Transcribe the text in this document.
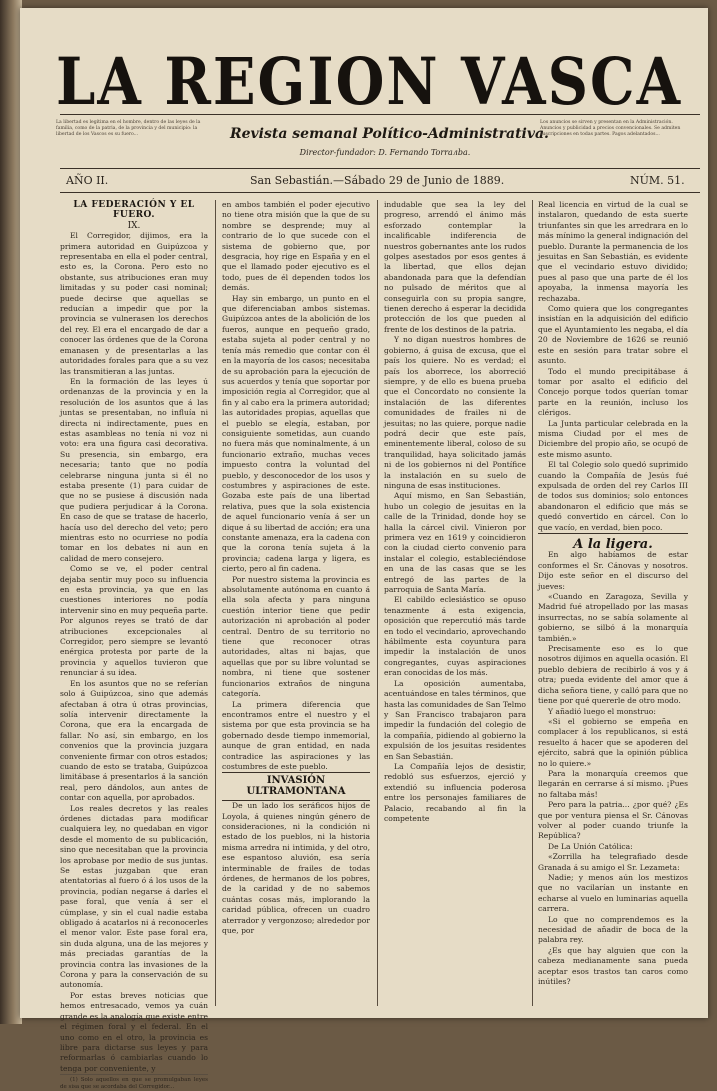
LA REGION VASCA
La libertad es legítima en el hombre, dentro de las leyes de la familia, como de la patria, de la provincia y del municipio: la libertad de los Vascos es su fuero...	Revista semanal Político-Administrativa.
Director-fundador: D. Fernando Torrалba.
Los anuncios se sirven y presentan en la Administración. Anuncios y publicidad a precios convencionales. Se admiten suscripciones en todas partes. Pagos adelantados...
AÑO II.	San Sebastián.—Sábado 29 de Junio de 1889.	NÚM. 51.

LA FEDERACIÓN Y EL FUERO.

IX.

El Corregidor, dijimos, era la primera autoridad en Guipúzcoa y representaba en ella el poder central, esto es, la Corona. Pero esto no obstante, sus atribuciones eran muy limitadas y su poder casi nominal; puede decirse que aquellas se reducían a impedir que por la provincia se vulnerasen los derechos del rey. El era el encargado de dar a conocer las órdenes que de la Corona emanasen y de presentarlas a las autoridades forales para que a su vez las transmitieran a las juntas.

En la formación de las leyes ú ordenanzas de la provincia y en la resolución de los asuntos que á las juntas se presentaban, no influía ni directa ni indirectamente, pues en estas asambleas no tenía ni voz ni voto: era una figura casi decorativa. Su presencia, sin embargo, era necesaria; tanto que no podía celebrarse ninguna junta si él no estaba presente (1) para cuidar de que no se pusiese á discusión nada que pudiera perjudicar á la Corona. En caso de que se tratase de hacerlo, hacía uso del derecho del veto; pero mientras esto no ocurriese no podía tomar en los debates ni aun en calidad de mero consejero.

Como se ve, el poder central dejaba sentir muy poco su influencia en esta provincia, ya que en las cuestiones interiores no podía intervenir sino en muy pequeña parte. Por algunos reyes se trató de dar atribuciones excepcionales al Corregidor, pero siempre se levantó enérgica protesta por parte de la provincia y aquellos tuvieron que renunciar á su idea.

En los asuntos que no se referían solo á Guipúzcoa, sino que además afectaban á otra ú otras provincias, solía intervenir directamente la Corona, que era la encargada de fallar. No así, sin embargo, en los convenios que la provincia juzgara conveniente firmar con otros estados; cuando de esto se trataba, Guipúzcoa limitábase á presentarlos á la sanción real, pero dándolos, aun antes de contar con aquella, por aprobados.

Los reales decretos y las reales órdenes dictadas para modificar cualquiera ley, no quedaban en vigor desde el momento de su publicación, sino que necesitaban que la provincia los aprobase por medio de sus juntas. Se estas juzgaban que eran atentatorias al fuero ó á los usos de la provincia, podían negarse á darles el pase foral, que venía á ser el cúmplase, y sin el cual nadie estaba obligado á acatarlos ni á reconocerles el menor valor. Este pase foral era, sin duda alguna, una de las mejores y más preciadas garantías de la provincia contra las invasiones de la Corona y para la conservación de su autonomía.

Por estas breves noticias que hemos entresacado, vemos ya cuán grande es la analogía que existe entre el régimen foral y el federal. En el uno como en el otro, la provincia es libre para dictarse sus leyes y para reformarlas ó cambiarlas cuando lo tenga por conveniente, y

(1) Solo aquellos en que se promulgaban leyes de sisa que se acordaba del Corregidor...

en ambos también el poder ejecutivo no tiene otra misión que la que de su nombre se desprende; muy al contrario de lo que sucede con el sistema de gobierno que, por desgracia, hoy rige en España y en el que el llamado poder ejecutivo es el todo, pues de él dependen todos los demás.

Hay sin embargo, un punto en el que diferenciaban ambos sistemas. Guipúzcoa antes de la abolición de los fueros, aunque en pequeño grado, estaba sujeta al poder central y no tenía más remedio que contar con él en la mayoría de los casos; necesitaba de su aprobación para la ejecución de sus acuerdos y tenía que soportar por imposición regia al Corregidor, que al fin y al cabo era la primera autoridad; las autoridades propias, aquellas que el pueblo se elegía, estaban, por consiguiente sometidas, aun cuando no fuera más que nominalmente, á un funcionario extraño, muchas veces impuesto contra la voluntad del pueblo, y desconocedor de los usos y costumbres y aspiraciones de este. Gozaba este país de una libertad relativa, pues que la sola existencia de aquel funcionario venía á ser un dique á su libertad de acción; era una constante amenaza, era la cadena con que la corona tenía sujeta á la provincia; cadena larga y ligera, es cierto, pero al fin cadena.

Por nuestro sistema la provincia es absolutamente autónoma en cuanto á ella sola afecta y para ninguna cuestión interior tiene que pedir autorización ni aprobación al poder central. Dentro de su territorio no tiene que reconocer otras autoridades, altas ni bajas, que aquellas que por su libre voluntad se nombra, ni tiene que sostener funcionarios extraños de ninguna categoría.

La primera diferencia que encontramos entre el nuestro y el sistema por que esta provincia se ha gobernado desde tiempo inmemorial, aunque de gran entidad, en nada contradice las aspiraciones y las costumbres de este pueblo.

INVASIÓN ULTRAMONTANA

De un lado los seráficos hijos de Loyola, á quienes ningún género de consideraciones, ni la condición ni estado de los pueblos, ni la historia misma arredra ni intimida, y del otro, ese espantoso aluvión, esa sería interminable de frailes de todas órdenes, de hermanos de los pobres, de la caridad y de no sabemos cuántas cosas más, implorando la caridad pública, ofrecen un cuadro aterrador y vergonzoso; alrededor por que, por

indudable que sea la ley del progreso, arrendó el ánimo más esforzado contemplar la incalificable indiferencia de nuestros gobernantes ante los rudos golpes asestados por esos gentes á la libertad, que ellos dejan abandonada para que la defendían no pulsado de méritos que al conseguirla con su propia sangre, tienen derecho á esperar la decidida protección de los que pueden al frente de los destinos de la patria.

Y no digan nuestros hombres de gobierno, á guisa de excusa, que el país los quiere. No es verdad; el país los aborrece, los aborreció siempre, y de ello es buena prueba que el Concordato no consiente la instalación de las diferentes comunidades de frailes ni de jesuitas; no las quiere, porque nadie podrá decir que este país, eminentemente liberal, coloso de su tranquilidad, haya solicitado jamás ni de los gobiernos ni del Pontífice la instalación en su suelo de ninguna de esas instituciones.

Aquí mismo, en San Sebastián, hubo un colegio de jesuitas en la calle de la Trinidad, donde hoy se halla la cárcel civil. Vinieron por primera vez en 1619 y coincidieron con la ciudad cierto convenio para instalar el colegio, estableciéndose en una de las casas que se les entregó de las partes de la parroquia de Santa María.

El cabildo eclesiástico se opuso tenazmente á esta exigencia, oposición que repercutió más tarde en todo el vecindario, aprovechando hábilmente esta coyuntura para impedir la instalación de unos congregantes, cuyas aspiraciones eran conocidas de los más.

La oposición aumentaba, acentuándose en tales términos, que hasta las comunidades de San Telmo y San Francisco trabajaron para impedir la fundación del colegio de la compañía, pidiendo al gobierno la expulsión de los jesuitas residentes en San Sebastián.

La Compañía lejos de desistir, redobló sus esfuerzos, ejerció y extendió su influencia poderosa entre los personajes familiares de Palacio, recabando al fin la competente

Real licencia en virtud de la cual se instalaron, quedando de esta suerte triunfantes sin que les arredrara en lo más mínimo la general indignación del pueblo. Durante la permanencia de los jesuitas en San Sebastián, es evidente que el vecindario estuvo dividido; pues al paso que una parte de él los apoyaba, la inmensa mayoría les rechazaba.

Como quiera que los congregantes insistían en la adquisición del edificio que el Ayuntamiento les negaba, el día 20 de Noviembre de 1626 se reunió este en sesión para tratar sobre el asunto.

Todo el mundo precipitábase á tomar por asalto el edificio del Concejo porque todos querían tomar parte en la reunión, incluso los clérigos.

La Junta particular celebrada en la misma Ciudad por el mes de Diciembre del propio año, se ocupó de este mismo asunto.

El tal Colegio solo quedó suprimido cuando la Compañía de Jesús fué expulsada de orden del rey Carlos III de todos sus dominios; solo entonces abandonaron el edificio que más se quedó convertido en cárcel. Con lo que vacío, en verdad, bien poco.

A la ligera.

En algo habíamos de estar conformes el Sr. Cánovas y nosotros. Dijo este señor en el discurso del jueves:

«Cuando en Zaragoza, Sevilla y Madrid fué atropellado por las masas insurrectas, no se sabía solamente al gobierno, se silbó á la monarquía también.»

Precisamente eso es lo que nosotros dijimos en aquella ocasión. El pueblo debiera de recibirlo á vos y á otra; pueda evidente del amor que á dicha señora tiene, y calló para que no tiene por qué quererle de otro modo.

Y añadió luego el monstruo:

«Si el gobierno se empeña en complacer á los republicanos, si está resuelto á hacer que se apoderen del ejército, sabrá que la opinión pública no lo quiere.»

Para la monarquía creemos que llegarán en cerrarse á sí mismo. ¡Pues no faltaba más!

Pero para la patria... ¿por qué? ¿Es que por ventura piensa el Sr. Cánovas volver al poder cuando triunfe la República?

De La Unión Católica:

«Zorrilla ha telegrafiado desde Granada á su amigo el Sr. Lezameta:

Nadie; y menos aún los mestizos que no vacilarían un instante en echarse al vuelo en luminarias aquella carrera.

Lo que no comprendemos es la necesidad de añadir de boca de la palabra rey.

¿Es que hay alguien que con la cabeza medianamente sana pueda aceptar esos trastos tan caros como inútiles?
